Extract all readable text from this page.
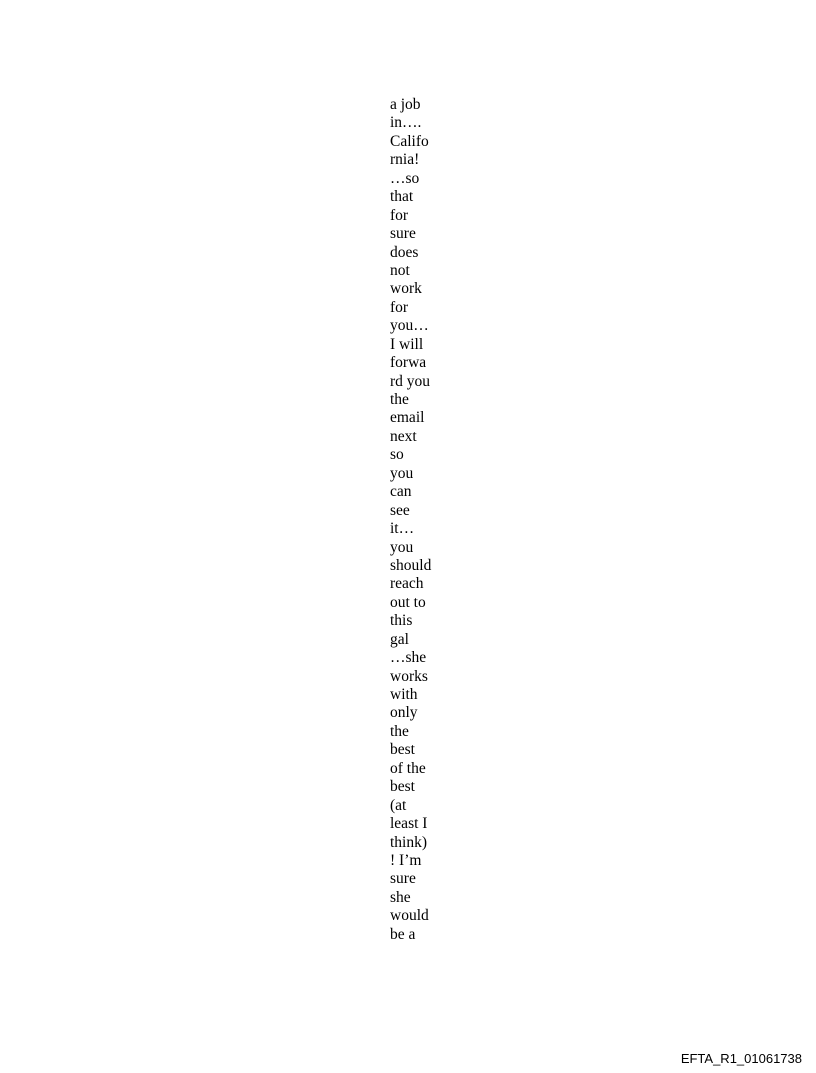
a job
in….
Califo
rnia!
…so
that
for
sure
does
not
work
for
you…
I will
forwa
rd you
the
email
next
so
you
can
see
it…
you
should
reach
out to
this
gal
…she
works
with
only
the
best
of the
best
(at
least I
think)
! I’m
sure
she
would
be a
EFTA_R1_01061738
